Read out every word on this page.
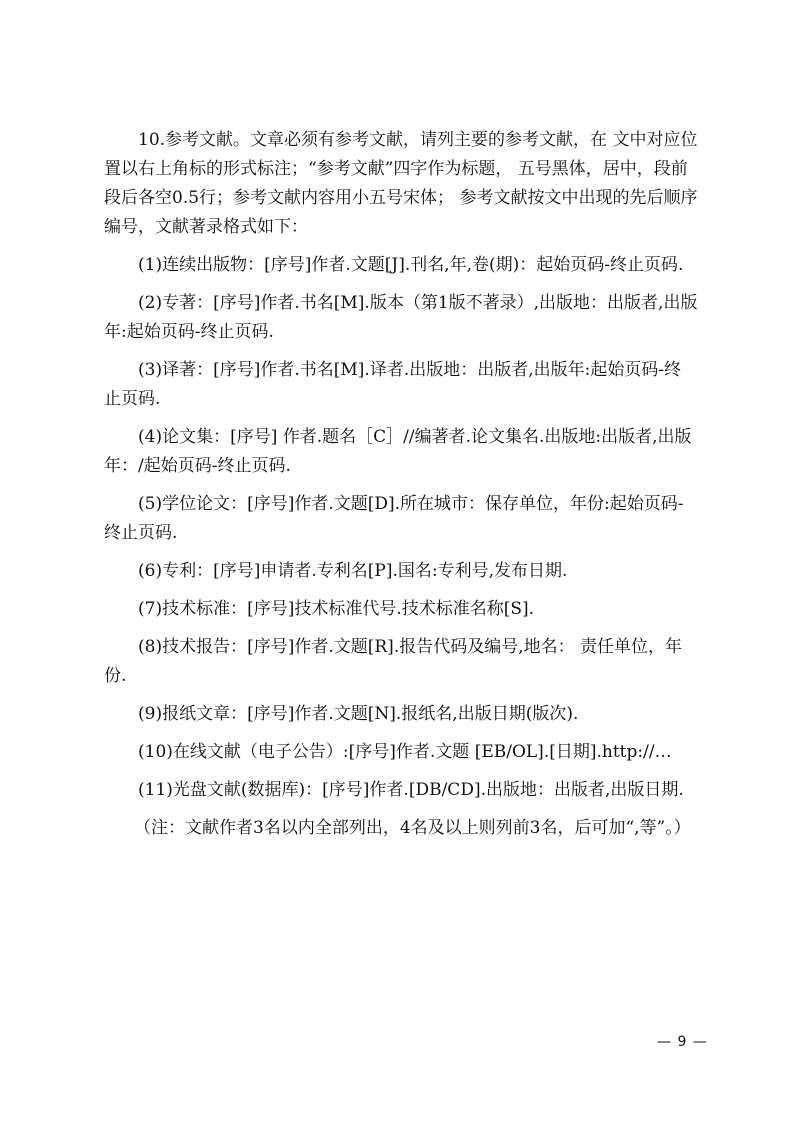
10.参考文献。文章必须有参考文献，请列主要的参考文献，在 文中对应位置以右上角标的形式标注；“参考文献”四字作为标题， 五号黑体，居中，段前段后各空0.5行；参考文献内容用小五号宋体； 参考文献按文中出现的先后顺序编号，文献著录格式如下：

(1)连续出版物：[序号]作者.文题[J].刊名,年,卷(期)：起始页码-终止页码.

(2)专著：[序号]作者.书名[M].版本（第1版不著录）,出版地：出版者,出版年:起始页码-终止页码.

(3)译著：[序号]作者.书名[M].译者.出版地：出版者,出版年:起始页码-终止页码.

(4)论文集：[序号] 作者.题名［C］//编著者.论文集名.出版地:出版者,出版年：/起始页码-终止页码.

(5)学位论文：[序号]作者.文题[D].所在城市：保存单位，年份:起始页码-终止页码.

(6)专利：[序号]申请者.专利名[P].国名:专利号,发布日期.

(7)技术标准：[序号]技术标准代号.技术标准名称[S].

(8)技术报告：[序号]作者.文题[R].报告代码及编号,地名： 责任单位，年份.

(9)报纸文章：[序号]作者.文题[N].报纸名,出版日期(版次).

(10)在线文献（电子公告）:[序号]作者.文题 [EB/OL].[日期].http://…

(11)光盘文献(数据库)：[序号]作者.[DB/CD].出版地：出版者,出版日期.

（注：文献作者3名以内全部列出，4名及以上则列前3名，后可加“,等”。）

— 9 —
